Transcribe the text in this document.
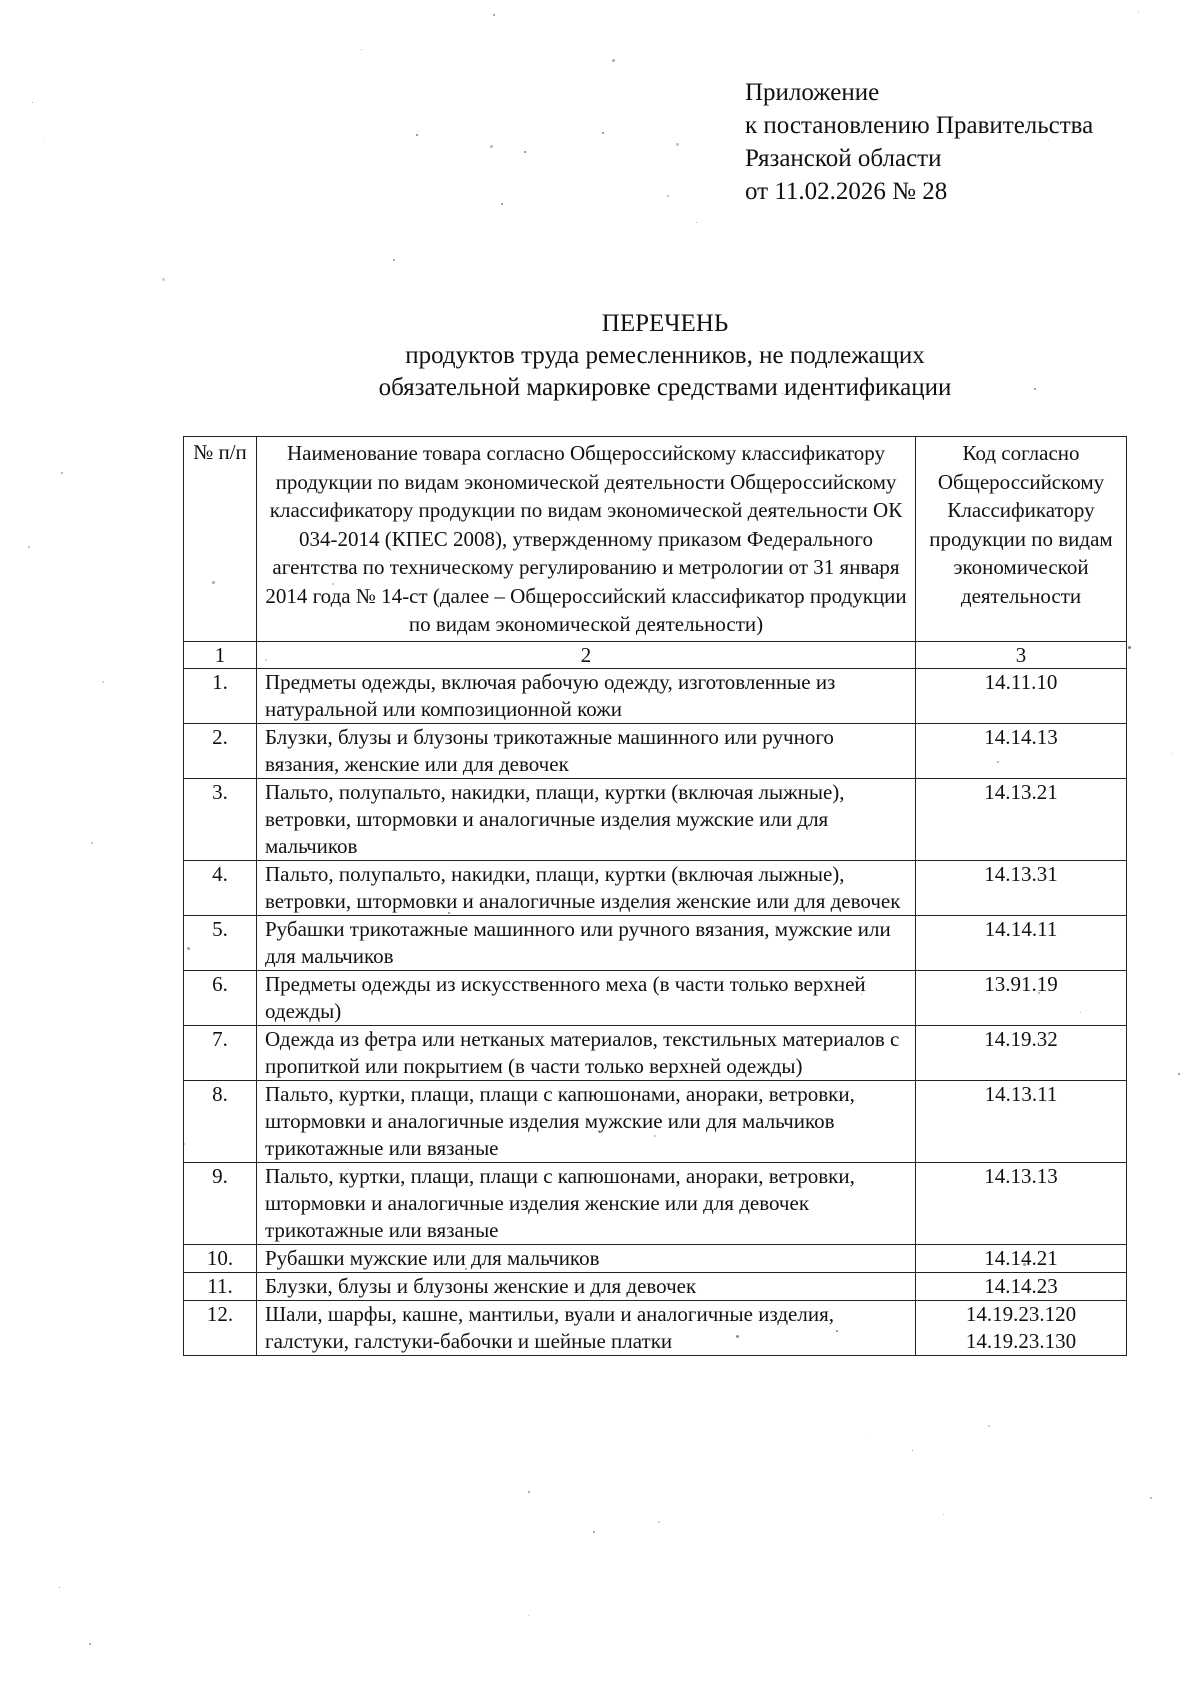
Приложение
к постановлению Правительства
Рязанской области
от 11.02.2026 № 28
ПЕРЕЧЕНЬ
продуктов труда ремесленников, не подлежащих
обязательной маркировке средствами идентификации
№ п/п	Наименование товара согласно Общероссийскому классификатору продукции по видам экономической деятельности Общероссийскому классификатору продукции по видам экономической деятельности ОК 034-2014 (КПЕС 2008), утвержденному приказом Федерального агентства по техническому регулированию и метрологии от 31 января 2014 года № 14-ст (далее – Общероссийский классификатор продукции по видам экономической деятельности)	Код согласно Общероссийскому Классификатору продукции по видам экономической деятельности
1	2	3
1.	Предметы одежды, включая рабочую одежду, изготовленные из натуральной или композиционной кожи	14.11.10

2.	Блузки, блузы и блузоны трикотажные машинного или ручного вязания, женские или для девочек	14.14.13

3.	Пальто, полупальто, накидки, плащи, куртки (включая лыжные), ветровки, штормовки и аналогичные изделия мужские или для мальчиков	14.13.21

4.	Пальто, полупальто, накидки, плащи, куртки (включая лыжные), ветровки, штормовки и аналогичные изделия женские или для девочек	14.13.31

5.	Рубашки трикотажные машинного или ручного вязания, мужские или для мальчиков	14.14.11

6.	Предметы одежды из искусственного меха (в части только верхней одежды)	13.91.19

7.	Одежда из фетра или нетканых материалов, текстильных материалов с пропиткой или покрытием (в части только верхней одежды)	14.19.32

8.	Пальто, куртки, плащи, плащи с капюшонами, анораки, ветровки, штормовки и аналогичные изделия мужские или для мальчиков трикотажные или вязаные	14.13.11

9.	Пальто, куртки, плащи, плащи с капюшонами, анораки, ветровки, штормовки и аналогичные изделия женские или для девочек трикотажные или вязаные	14.13.13

10.	Рубашки мужские или для мальчиков	14.14.21

11.	Блузки, блузы и блузоны женские и для девочек	14.14.23

12.	Шали, шарфы, кашне, мантильи, вуали и аналогичные изделия, галстуки, галстуки-бабочки и шейные платки	14.19.23.120
14.19.23.130
